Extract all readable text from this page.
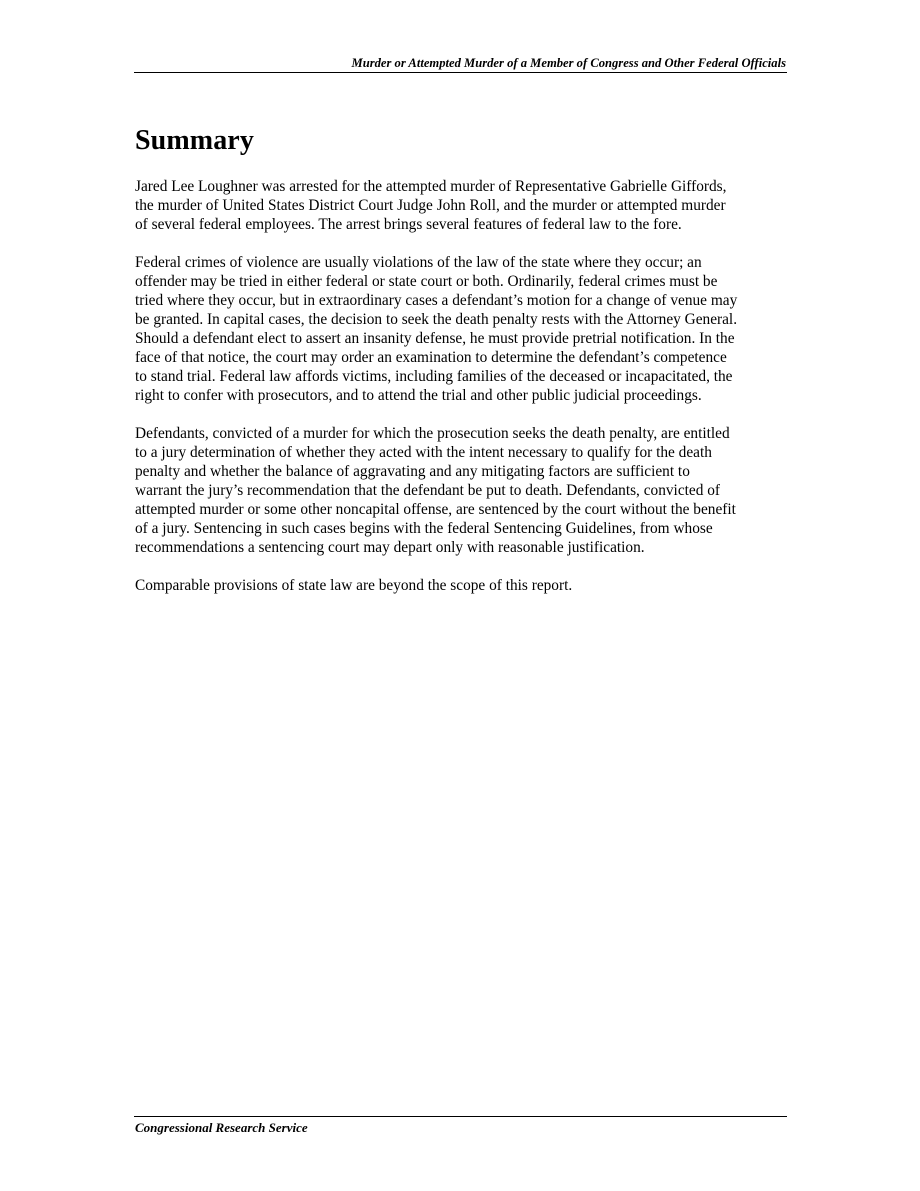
Murder or Attempted Murder of a Member of Congress and Other Federal Officials
Summary

Jared Lee Loughner was arrested for the attempted murder of Representative Gabrielle Giffords,
the murder of United States District Court Judge John Roll, and the murder or attempted murder
of several federal employees. The arrest brings several features of federal law to the fore.

Federal crimes of violence are usually violations of the law of the state where they occur; an
offender may be tried in either federal or state court or both. Ordinarily, federal crimes must be
tried where they occur, but in extraordinary cases a defendant’s motion for a change of venue may
be granted. In capital cases, the decision to seek the death penalty rests with the Attorney General.
Should a defendant elect to assert an insanity defense, he must provide pretrial notification. In the
face of that notice, the court may order an examination to determine the defendant’s competence
to stand trial. Federal law affords victims, including families of the deceased or incapacitated, the
right to confer with prosecutors, and to attend the trial and other public judicial proceedings.

Defendants, convicted of a murder for which the prosecution seeks the death penalty, are entitled
to a jury determination of whether they acted with the intent necessary to qualify for the death
penalty and whether the balance of aggravating and any mitigating factors are sufficient to
warrant the jury’s recommendation that the defendant be put to death. Defendants, convicted of
attempted murder or some other noncapital offense, are sentenced by the court without the benefit
of a jury. Sentencing in such cases begins with the federal Sentencing Guidelines, from whose
recommendations a sentencing court may depart only with reasonable justification.

Comparable provisions of state law are beyond the scope of this report.

Congressional Research Service
